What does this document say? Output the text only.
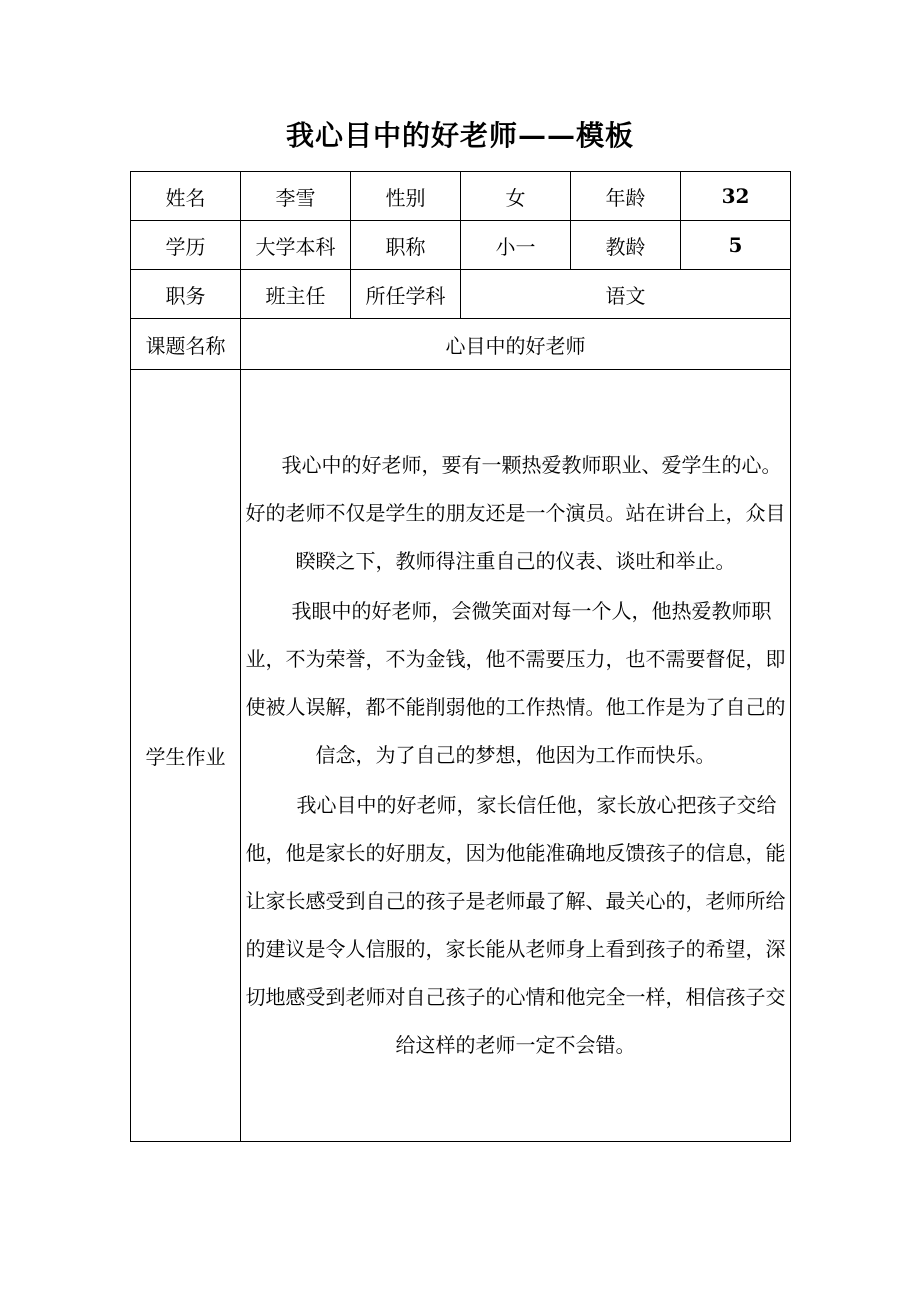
我心目中的好老师——模板
姓名	李雪	性别	女	年龄	32
学历	大学本科	职称	小一	教龄	5
职务	班主任	所任学科	语文		
课题名称	心目中的好老师				
学生作业	我心中的好老师，要有一颗热爱教师职业、爱学生的心。好的老师不仅是学生的朋友还是一个演员。站在讲台上，众目睽睽之下，教师得注重自己的仪表、谈吐和举止。

我眼中的好老师，会微笑面对每一个人，他热爱教师职业，不为荣誉，不为金钱，他不需要压力，也不需要督促，即使被人误解，都不能削弱他的工作热情。他工作是为了自己的信念，为了自己的梦想，他因为工作而快乐。

我心目中的好老师，家长信任他，家长放心把孩子交给他，他是家长的好朋友，因为他能准确地反馈孩子的信息，能让家长感受到自己的孩子是老师最了解、最关心的，老师所给的建议是令人信服的，家长能从老师身上看到孩子的希望，深切地感受到老师对自己孩子的心情和他完全一样，相信孩子交给这样的老师一定不会错。				
